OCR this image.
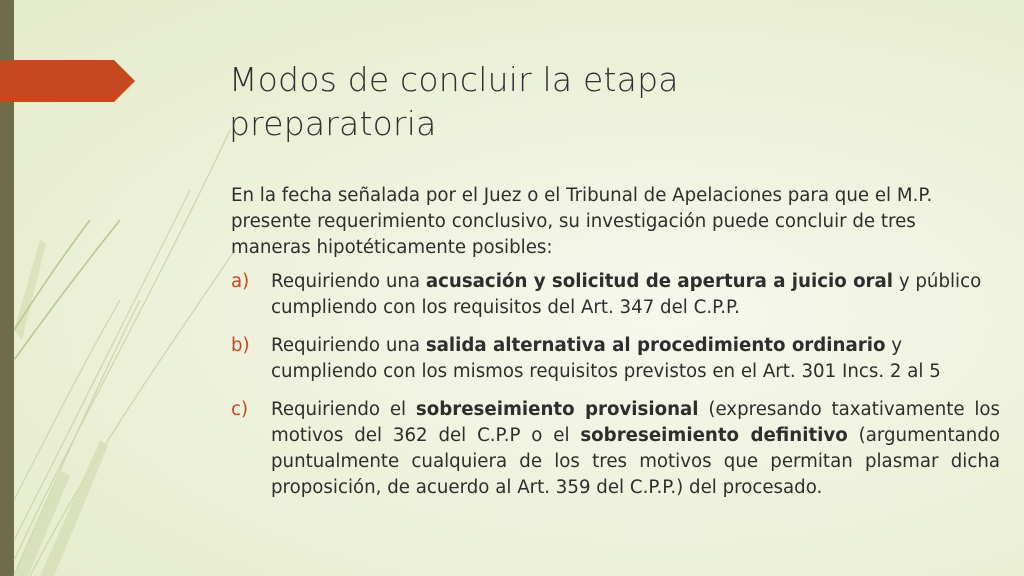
Modos de concluir la etapa
preparatoria

En la fecha señalada por el Juez o el Tribunal de Apelaciones para que el M.P. presente requerimiento conclusivo, su investigación puede concluir de tres maneras hipotéticamente posibles:

a) Requiriendo una acusación y solicitud de apertura a juicio oral y público cumpliendo con los requisitos del Art. 347 del C.P.P.
b) Requiriendo una salida alternativa al procedimiento ordinario y cumpliendo con los mismos requisitos previstos en el Art. 301 Incs. 2 al 5
c) Requiriendo el sobreseimiento provisional (expresando taxativamente los motivos del 362 del C.P.P o el sobreseimiento definitivo (argumentando puntualmente cualquiera de los tres motivos que permitan plasmar dicha proposición, de acuerdo al Art. 359 del C.P.P.) del procesado.
